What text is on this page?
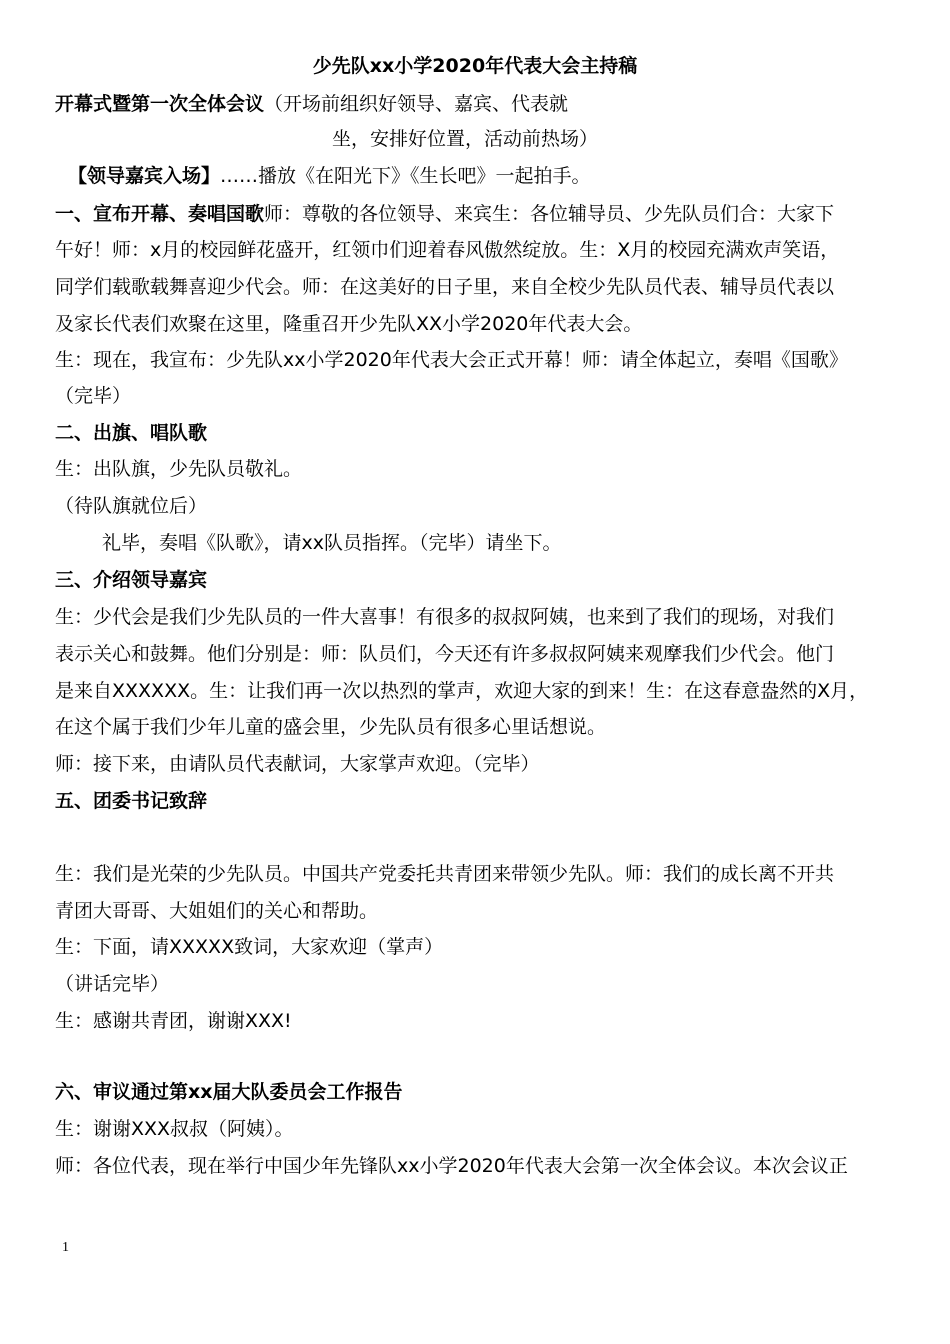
少先队xx小学2020年代表大会主持稿
开幕式暨第一次全体会议（开场前组织好领导、嘉宾、代表就
坐，安排好位置，活动前热场）
【领导嘉宾入场】……播放《在阳光下》《生长吧》一起拍手。
一、宣布开幕、奏唱国歌师：尊敬的各位领导、来宾生：各位辅导员、少先队员们合：大家下
午好！师：x月的校园鲜花盛开，红领巾们迎着春风傲然绽放。生：X月的校园充满欢声笑语，
同学们载歌载舞喜迎少代会。师：在这美好的日子里，来自全校少先队员代表、辅导员代表以
及家长代表们欢聚在这里，隆重召开少先队XX小学2020年代表大会。
生：现在，我宣布：少先队xx小学2020年代表大会正式开幕！师：请全体起立，奏唱《国歌》
（完毕）
二、出旗、唱队歌
生：出队旗，少先队员敬礼。
（待队旗就位后）
礼毕，奏唱《队歌》，请xx队员指挥。（完毕）请坐下。
三、介绍领导嘉宾
生：少代会是我们少先队员的一件大喜事！有很多的叔叔阿姨，也来到了我们的现场，对我们
表示关心和鼓舞。他们分别是：师：队员们，今天还有许多叔叔阿姨来观摩我们少代会。他门
是来自XXXXXX。生：让我们再一次以热烈的掌声，欢迎大家的到来！生：在这春意盎然的X月，
在这个属于我们少年儿童的盛会里，少先队员有很多心里话想说。
师：接下来，由请队员代表献词，大家掌声欢迎。（完毕）
五、团委书记致辞
生：我们是光荣的少先队员。中国共产党委托共青团来带领少先队。师：我们的成长离不开共
青团大哥哥、大姐姐们的关心和帮助。
生：下面，请XXXXX致词，大家欢迎（掌声）
（讲话完毕）
生：感谢共青团，谢谢XXX!
六、审议通过第xx届大队委员会工作报告
生：谢谢XXX叔叔（阿姨）。
师：各位代表，现在举行中国少年先锋队xx小学2020年代表大会第一次全体会议。本次会议正
1
